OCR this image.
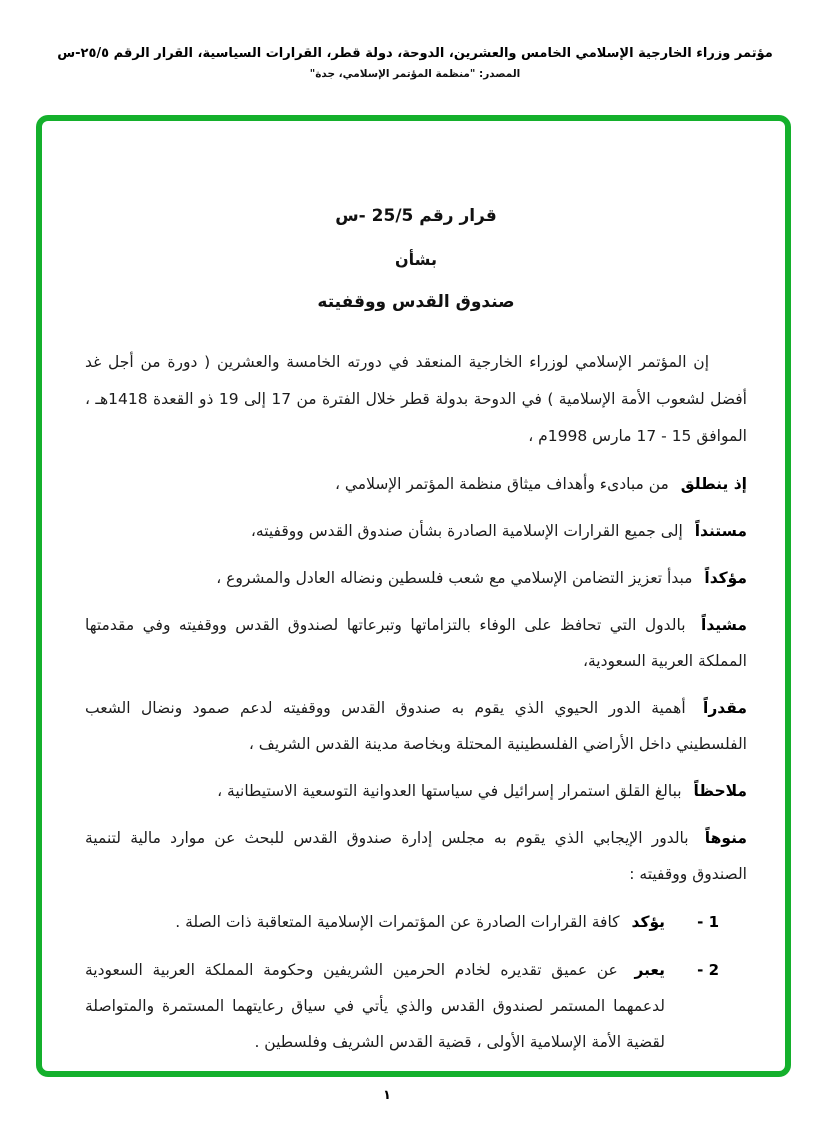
مؤتمر وزراء الخارجية الإسلامي الخامس والعشرين، الدوحة، دولة قطر، القرارات السياسية، القرار الرقم ٢٥/٥-س
المصدر: "منظمة المؤتمر الإسلامي، جدة"
قرار رقم 25/5 -س
بشأن
صندوق القدس ووقفيته

إن المؤتمر الإسلامي لوزراء الخارجية المنعقد في دورته الخامسة والعشرين ( دورة من أجل غد أفضل لشعوب الأمة الإسلامية ) في الدوحة بدولة قطر خلال الفترة من 17 إلى 19 ذو القعدة 1418هـ ، الموافق 15 - 17 مارس 1998م ،

إذ ينطلق من مبادىء وأهداف ميثاق منظمة المؤتمر الإسلامي ،

مستنداً إلى جميع القرارات الإسلامية الصادرة بشأن صندوق القدس ووقفيته،

مؤكداً مبدأ تعزيز التضامن الإسلامي مع شعب فلسطين ونضاله العادل والمشروع ،

مشيداً بالدول التي تحافظ على الوفاء بالتزاماتها وتبرعاتها لصندوق القدس ووقفيته وفي مقدمتها المملكة العربية السعودية،

مقدراً أهمية الدور الحيوي الذي يقوم به صندوق القدس ووقفيته لدعم صمود ونضال الشعب الفلسطيني داخل الأراضي الفلسطينية المحتلة وبخاصة مدينة القدس الشريف ،

ملاحظاً ببالغ القلق استمرار إسرائيل في سياستها العدوانية التوسعية الاستيطانية ،

منوهاً بالدور الإيجابي الذي يقوم به مجلس إدارة صندوق القدس للبحث عن موارد مالية لتنمية الصندوق ووقفيته :

1 -
يؤكد كافة القرارات الصادرة عن المؤتمرات الإسلامية المتعاقبة ذات الصلة .

2 -
يعبر عن عميق تقديره لخادم الحرمين الشريفين وحكومة المملكة العربية السعودية لدعمهما المستمر لصندوق القدس والذي يأتي في سياق رعايتهما المستمرة والمتواصلة لقضية الأمة الإسلامية الأولى ، قضية القدس الشريف وفلسطين .

١
